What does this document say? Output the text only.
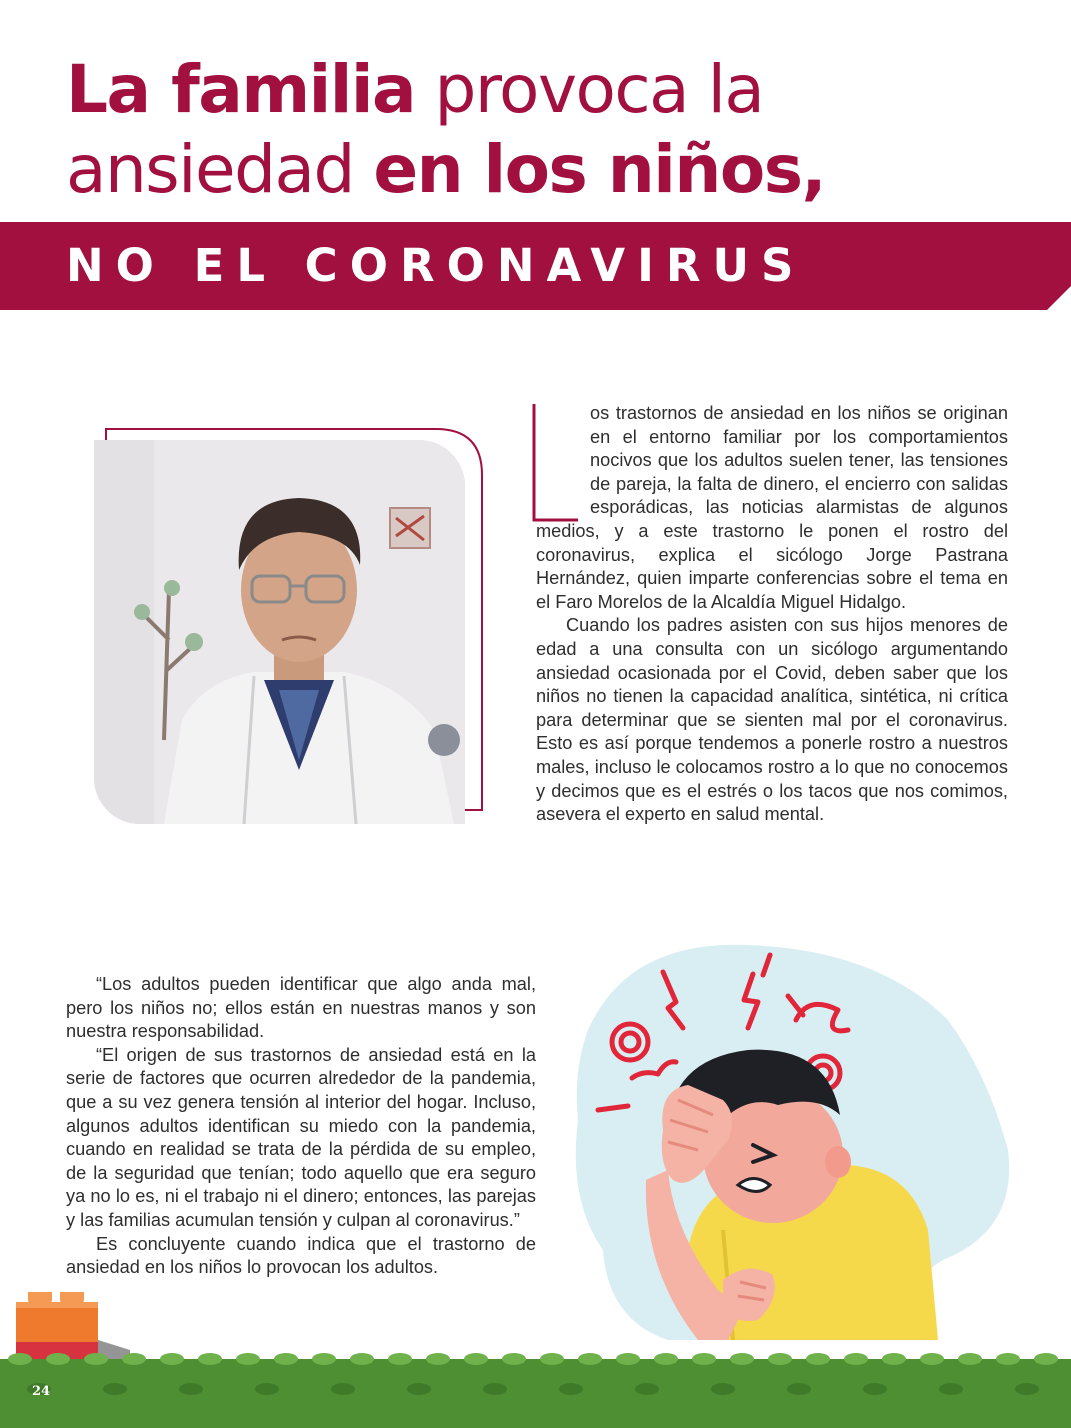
La familia provoca la
ansiedad en los niños,
NO EL CORONAVIRUS

os trastornos de ansiedad en los niños se originan en el entorno familiar por los comportamientos nocivos que los adultos suelen tener, las tensiones de pareja, la falta de dinero, el encierro con salidas esporádicas, las noticias alarmistas de algunos medios, y a este trastorno le ponen el rostro del coronavirus, explica el sicólogo Jorge Pastrana Hernández, quien imparte conferencias sobre el tema en el Faro Morelos de la Alcaldía Miguel Hidalgo.

Cuando los padres asisten con sus hijos menores de edad a una consulta con un sicólogo argumentando ansiedad ocasionada por el Covid, deben saber que los niños no tienen la capacidad analítica, sintética, ni crítica para determinar que se sienten mal por el coronavirus. Esto es así porque tendemos a ponerle rostro a nuestros males, incluso le colocamos rostro a lo que no conocemos y decimos que es el estrés o los tacos que nos comimos, asevera el experto en salud mental.

“Los adultos pueden identificar que algo anda mal, pero los niños no; ellos están en nuestras manos y son nuestra responsabilidad.

“El origen de sus trastornos de ansiedad está en la serie de factores que ocurren alrededor de la pandemia, que a su vez genera tensión al interior del hogar. Incluso, algunos adultos identifican su miedo con la pandemia, cuando en realidad se trata de la pérdida de su empleo, de la seguridad que tenían; todo aquello que era seguro ya no lo es, ni el trabajo ni el dinero; entonces, las parejas y las familias acumulan tensión y culpan al coronavirus.”

Es concluyente cuando indica que el trastorno de ansiedad en los niños lo provocan los adultos.

24
